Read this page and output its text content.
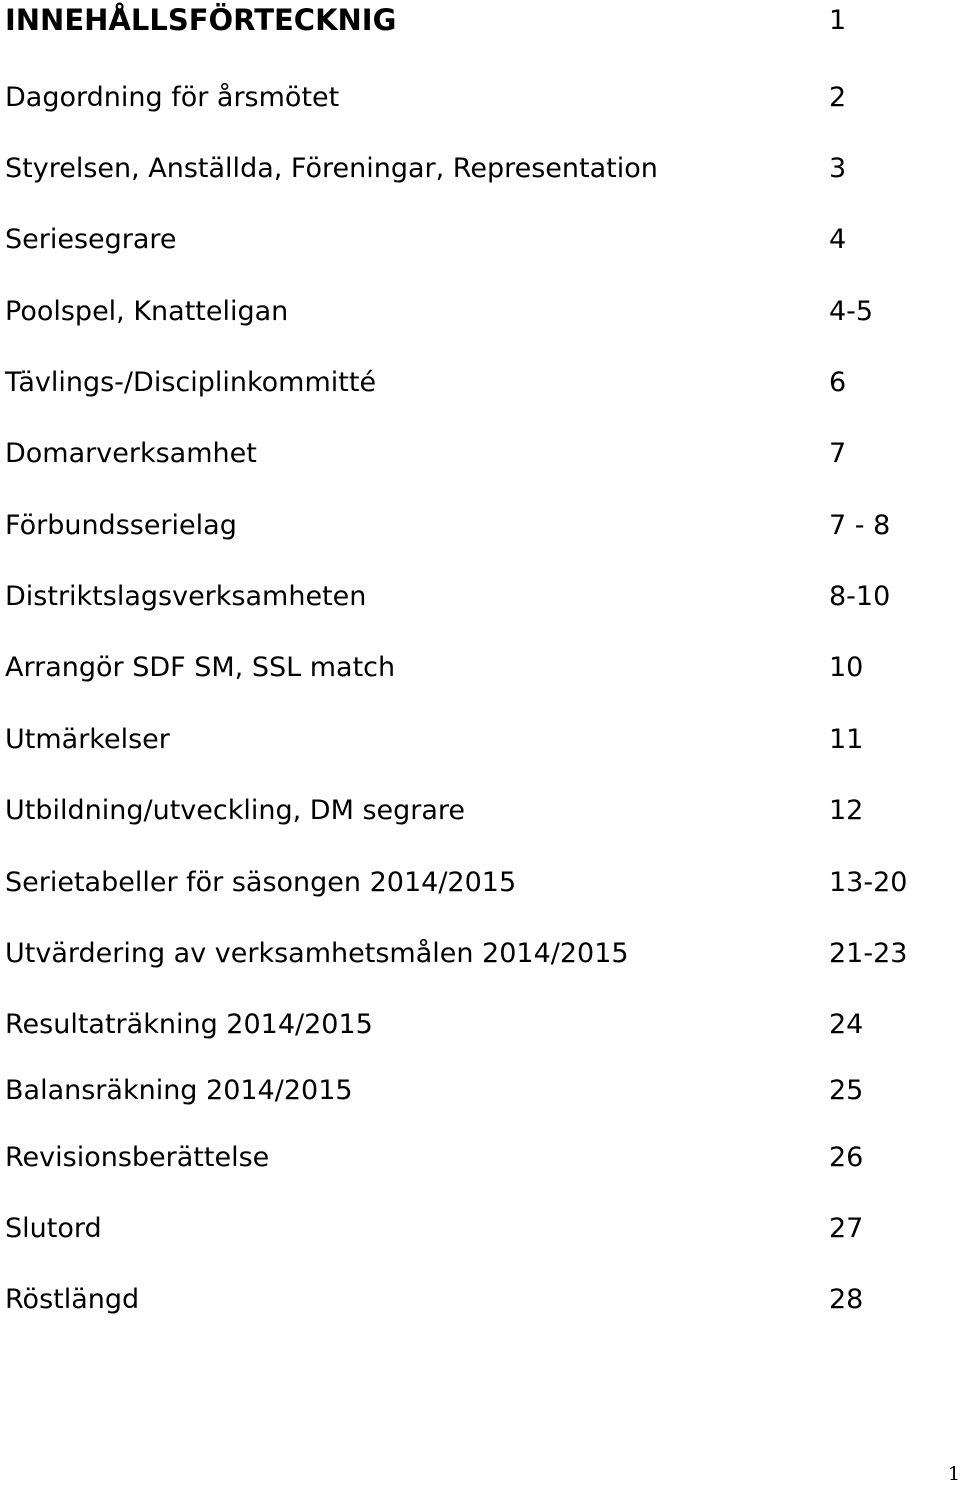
INNEHÅLLSFÖRTECKNIG	1
Dagordning för årsmötet	2
Styrelsen, Anställda, Föreningar, Representation	3
Seriesegrare	4
Poolspel, Knatteligan	4-5
Tävlings-/Disciplinkommitté	6
Domarverksamhet	7
Förbundsserielag	7 - 8
Distriktslagsverksamheten	8-10
Arrangör SDF SM, SSL match	10
Utmärkelser	11
Utbildning/utveckling, DM segrare	12
Serietabeller för säsongen 2014/2015	13-20
Utvärdering av verksamhetsmålen 2014/2015	21-23
Resultaträkning 2014/2015	24
Balansräkning 2014/2015	25
Revisionsberättelse	26
Slutord	27
Röstlängd	28
1
